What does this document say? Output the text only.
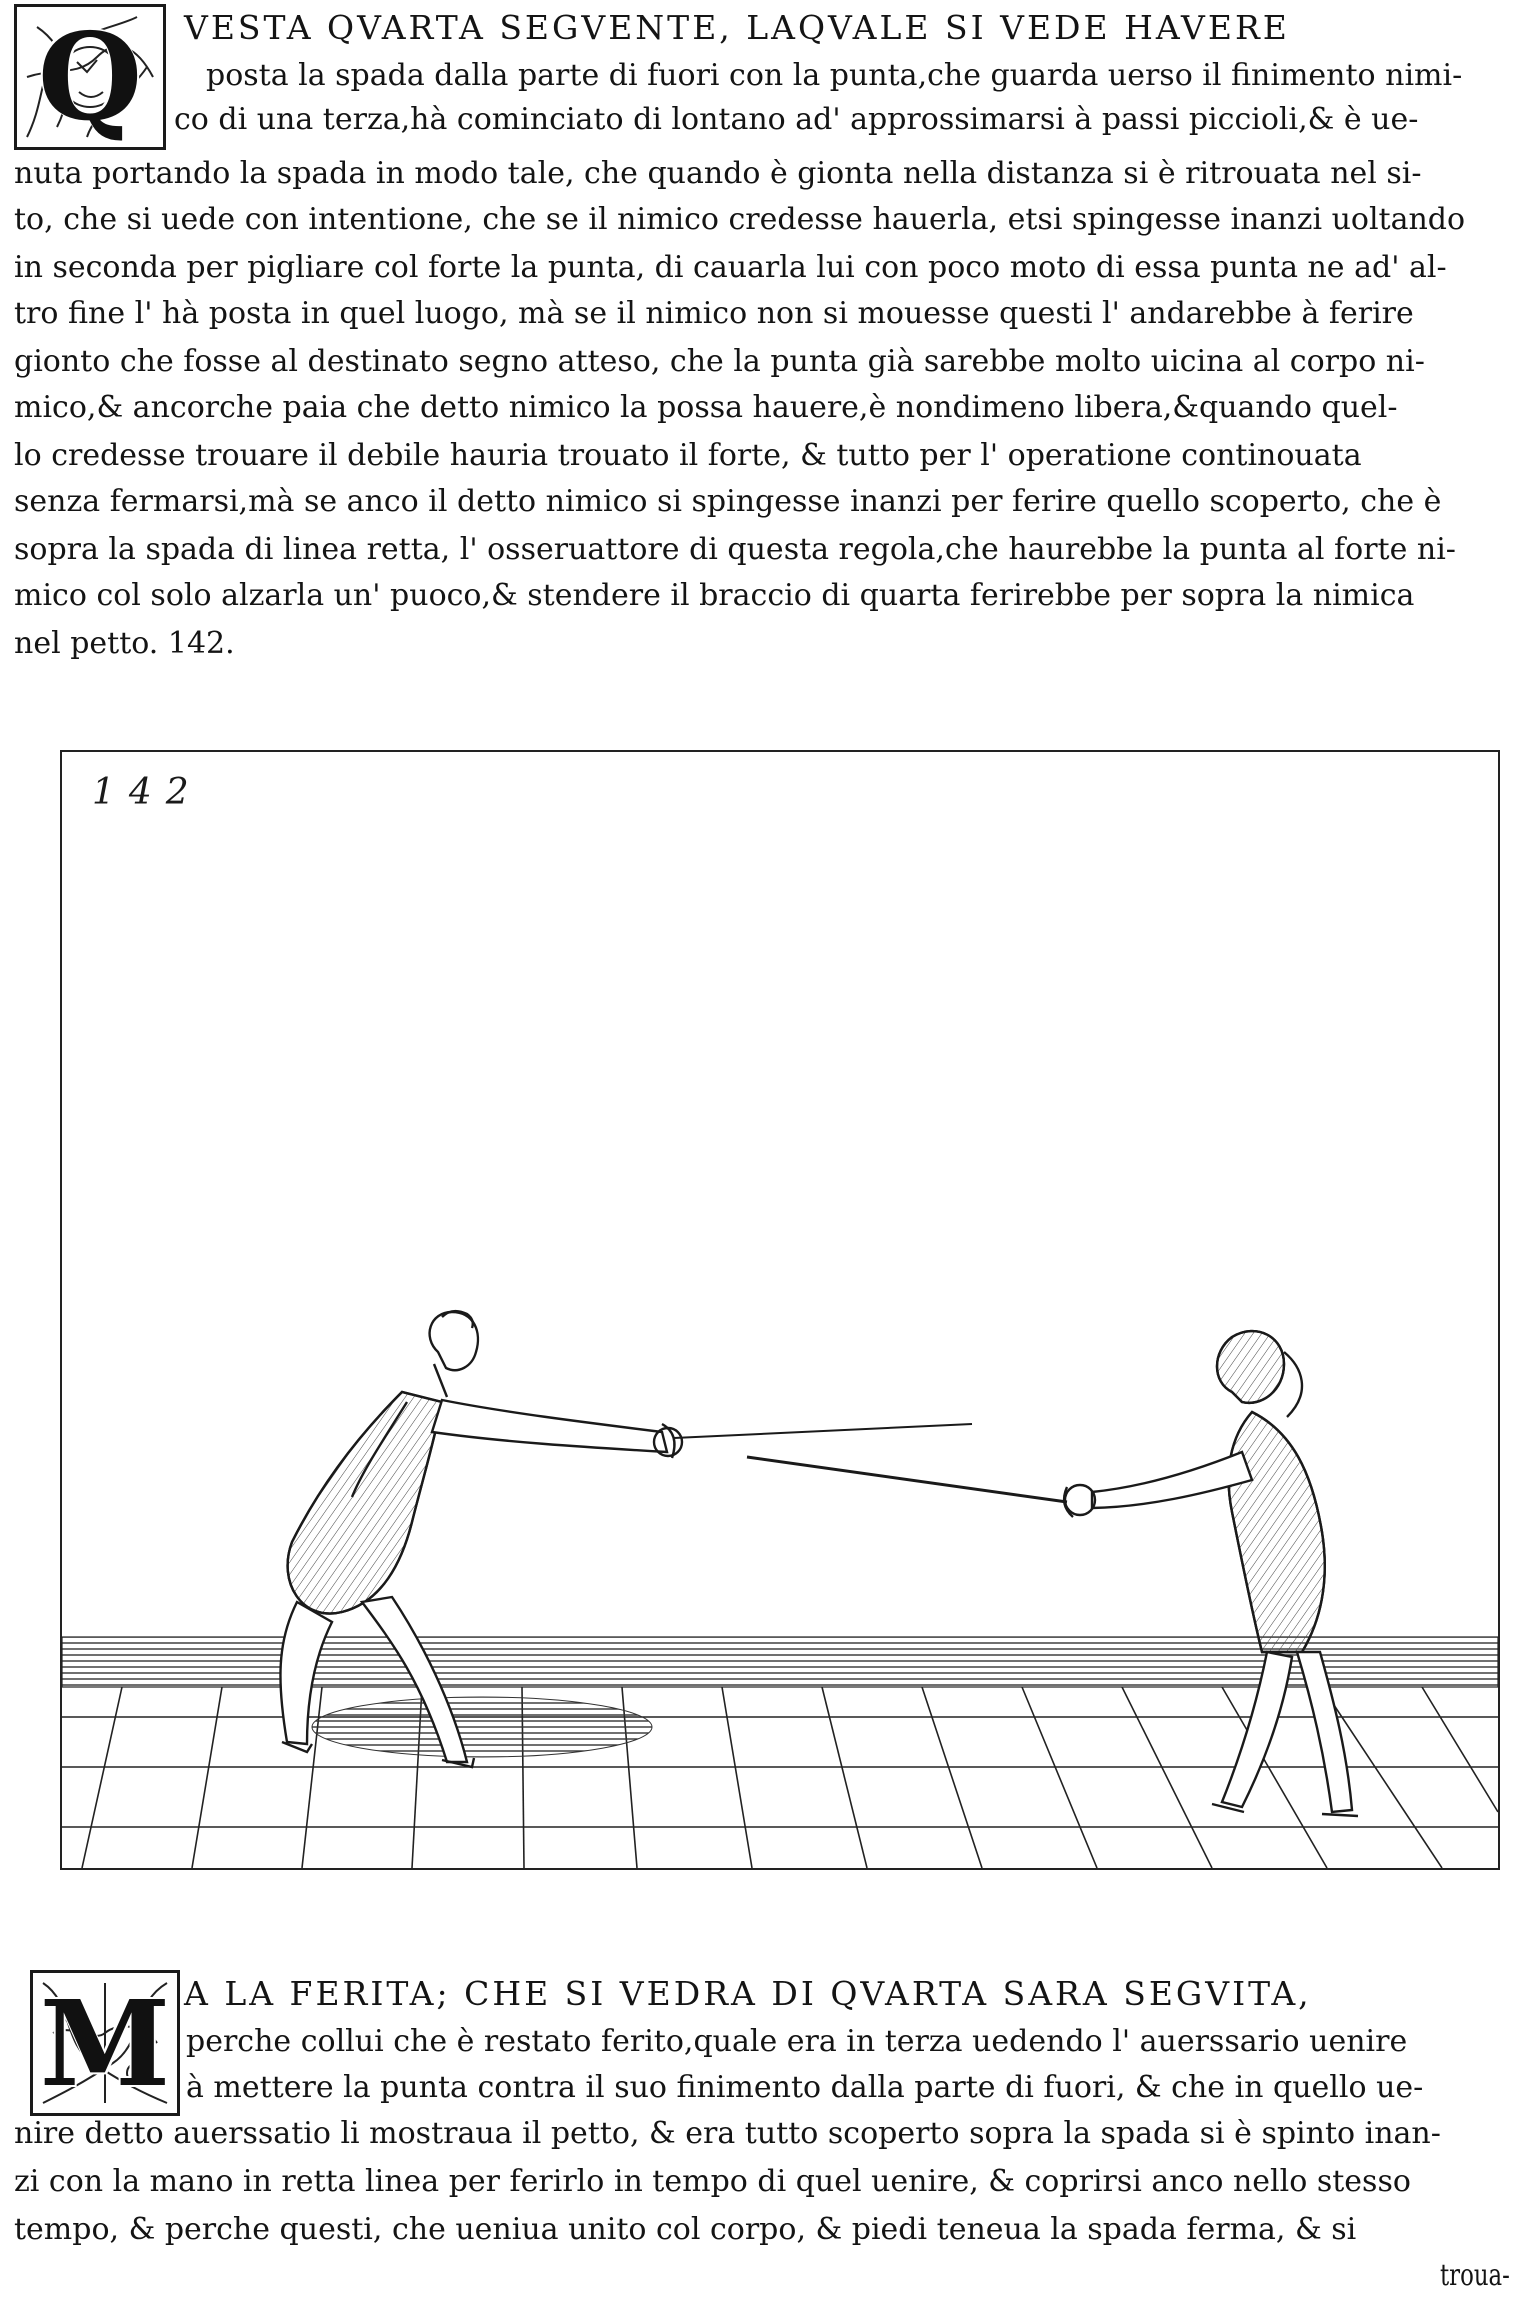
Q	VESTA QVARTA SEGVENTE, LAQVALE SI VEDE HAVERE
posta la spada dalla parte di fuori con la punta,che guarda uerso il finimento nimi-
co di una terza,hà cominciato di lontano ad' approssimarsi à passi piccioli,& è ue-
nuta portando la spada in modo tale, che quando è gionta nella distanza si è ritrouata nel si-
to, che si uede con intentione, che se il nimico credesse hauerla, etsi spingesse inanzi uoltando
in seconda per pigliare col forte la punta, di cauarla lui con poco moto di essa punta ne ad' al-
tro fine l' hà posta in quel luogo, mà se il nimico non si mouesse questi l' andarebbe à ferire
gionto che fosse al destinato segno atteso, che la punta già sarebbe molto uicina al corpo ni-
mico,& ancorche paia che detto nimico la possa hauere,è nondimeno libera,&quando quel-
lo credesse trouare il debile hauria trouato il forte, & tutto per l' operatione continouata
senza fermarsi,mà se anco il detto nimico si spingesse inanzi per ferire quello scoperto, che è
sopra la spada di linea retta, l' osseruattore di questa regola,che haurebbe la punta al forte ni-
mico col solo alzarla un' puoco,& stendere il braccio di quarta ferirebbe per sopra la nimica
nel petto. 142.
142
M A LA FERITA; CHE SI VEDRA DI QVARTA SARA SEGVITA,
perche collui che è restato ferito,quale era in terza uedendo l' auerssario uenire
à mettere la punta contra il suo finimento dalla parte di fuori, & che in quello ue-
nire detto auerssatio li mostraua il petto, & era tutto scoperto sopra la spada si è spinto inan-
zi con la mano in retta linea per ferirlo in tempo di quel uenire, & coprirsi anco nello stesso
tempo, & perche questi, che ueniua unito col corpo, & piedi teneua la spada ferma, & si
troua-
